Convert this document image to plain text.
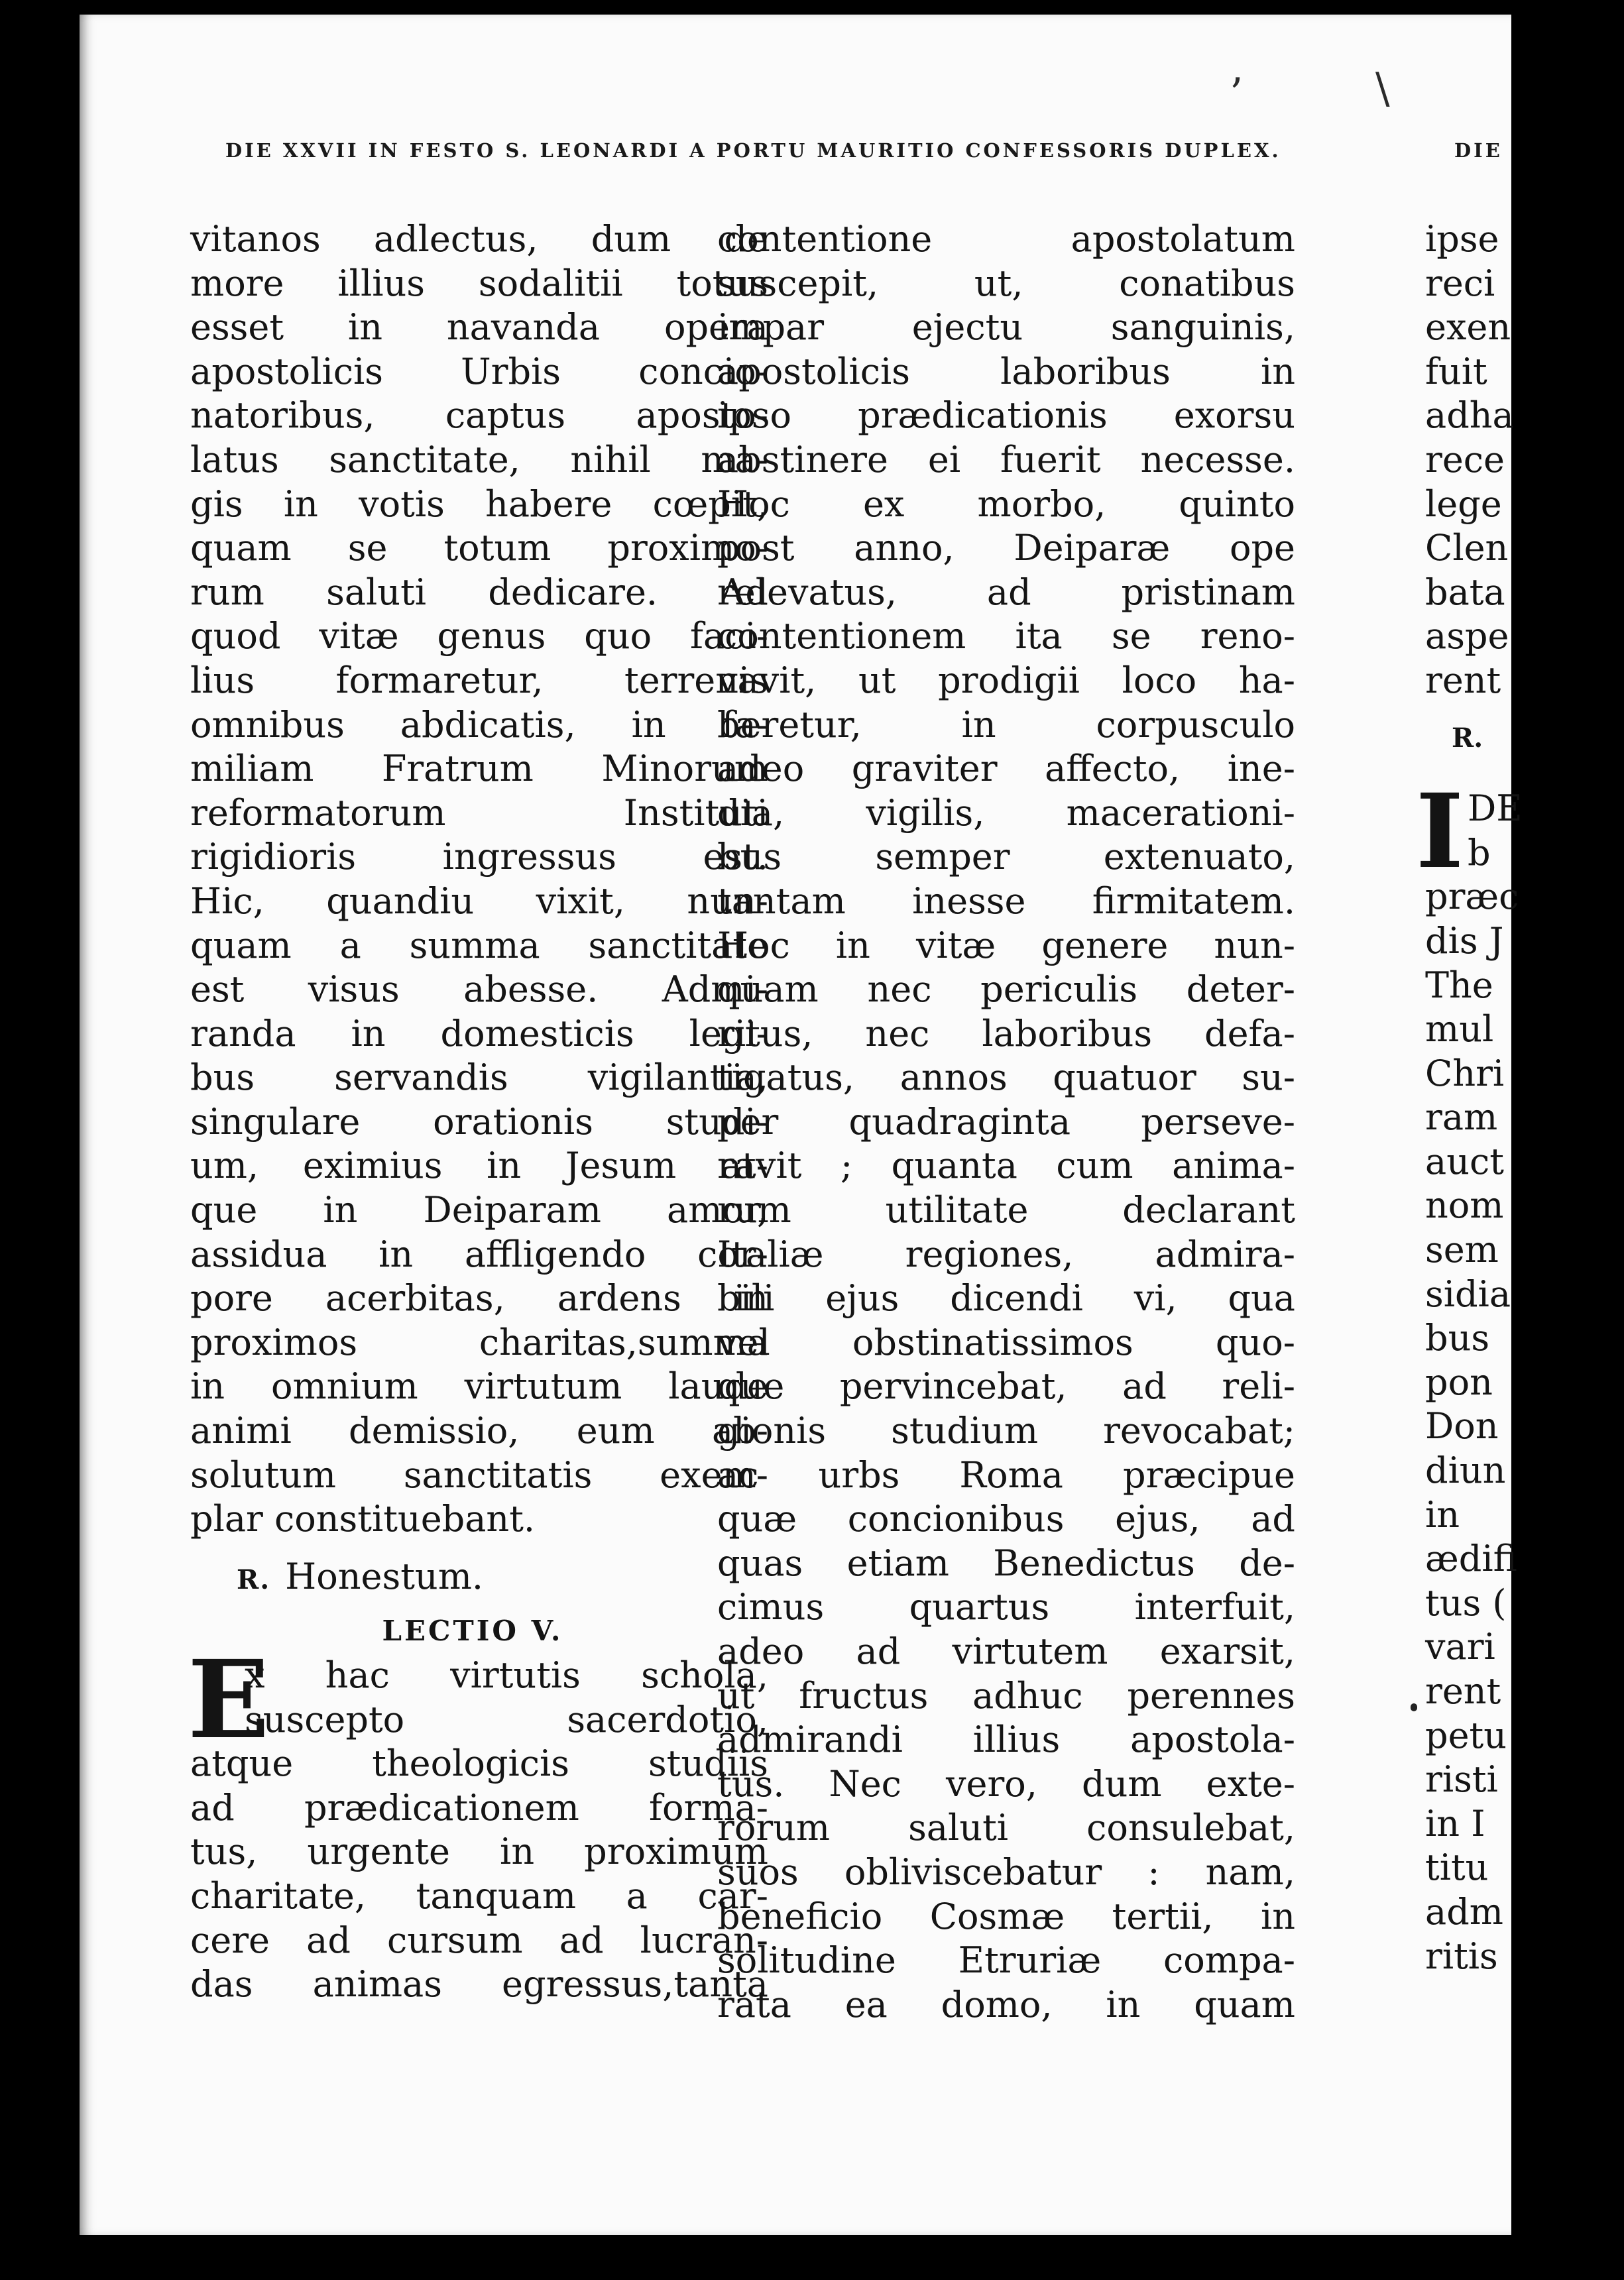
’	\
DIE XXVII IN FESTO S. LEONARDI A PORTU MAURITIO CONFESSORIS DUPLEX.	DIE
vitanos adlectus, dum de
more illius sodalitii totus
esset in navanda opera
apostolicis Urbis concio-
natoribus, captus aposto-
latus sanctitate, nihil ma-
gis in votis habere cœpit,
quam se totum proximo-
rum saluti dedicare. Ad
quod vitæ genus quo faci-
lius formaretur, terrenis
omnibus abdicatis, in fa-
miliam Fratrum Minorum
reformatorum Instituti
rigidioris ingressus est.
Hic, quandiu vixit, nun-
quam a summa sanctitate
est visus abesse. Admi-
randa in domesticis legi-
bus servandis vigilantia,
singulare orationis studi-
um, eximius in Jesum at-
que in Deiparam amor,
assidua in affligendo cor-
pore acerbitas, ardens in
proximos charitas,summa
in omnium virtutum laude
animi demissio, eum ab-
solutum sanctitatis exem-
plar constituebant.
R. Honestum.
LECTIO V.
E
x hac virtutis schola,
suscepto sacerdotio,
atque theologicis studiis
ad prædicationem forma-
tus, urgente in proximum
charitate, tanquam a car-
cere ad cursum ad lucran-
das animas egressus,tanta
contentione apostolatum
suscepit, ut, conatibus
impar ejectu sanguinis,
apostolicis laboribus in
ipso prædicationis exorsu
abstinere ei fuerit necesse.
Hoc ex morbo, quinto
post anno, Deiparæ ope
relevatus, ad pristinam
contentionem ita se reno-
vavit, ut prodigii loco ha-
beretur, in corpusculo
adeo graviter affecto, ine-
dia, vigilis, macerationi-
bus semper extenuato,
tantam inesse firmitatem.
Hoc in vitæ genere nun-
quam nec periculis deter-
ritus, nec laboribus defa-
tigatus, annos quatuor su-
per quadraginta perseve-
ravit ; quanta cum anima-
rum utilitate declarant
Italiæ regiones, admira-
bili ejus dicendi vi, qua
vel obstinatissimos quo-
que pervincebat, ad reli-
gionis studium revocabat;
ac urbs Roma præcipue
quæ concionibus ejus, ad
quas etiam Benedictus de-
cimus quartus interfuit,
adeo ad virtutem exarsit,
ut fructus adhuc perennes
admirandi illius apostola-
tus. Nec vero, dum exte-
rorum saluti consulebat,
suos obliviscebatur : nam,
beneficio Cosmæ tertii, in
solitudine Etruriæ compa-
rata ea domo, in quam
ipse
reci
exen
fuit
adha
rece
lege
Clen
bata
aspe
rent
R.
I DE
b
præc
dis J
The
mul
Chri
ram
auct
nom
sem
sidia
bus
pon
Don
diun
in
ædifi
tus (
vari
rent
petu
risti
in I
titu
adm
ritis
